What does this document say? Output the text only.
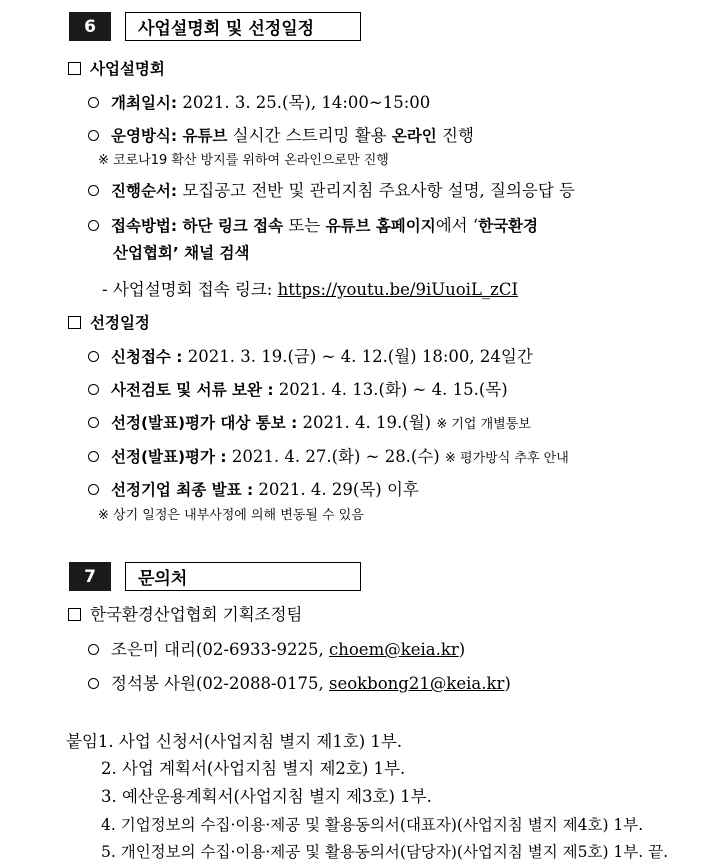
6	사업설명회 및 선정일정
사업설명회
개최일시: 2021. 3. 25.(목), 14:00~15:00
운영방식: 유튜브 실시간 스트리밍 활용 온라인 진행
※ 코로나19 확산 방지를 위하여 온라인으로만 진행
진행순서: 모집공고 전반 및 관리지침 주요사항 설명, 질의응답 등
접속방법: 하단 링크 접속 또는 유튜브 홈페이지에서 ‘한국환경
산업협회’ 채널 검색
- 사업설명회 접속 링크: https://youtu.be/9iUuoiL_zCI
선정일정
신청접수 : 2021. 3. 19.(금) ~ 4. 12.(월) 18:00, 24일간
사전검토 및 서류 보완 : 2021. 4. 13.(화) ~ 4. 15.(목)
선정(발표)평가 대상 통보 : 2021. 4. 19.(월) ※ 기업 개별통보
선정(발표)평가 : 2021. 4. 27.(화) ~ 28.(수) ※ 평가방식 추후 안내
선정기업 최종 발표 : 2021. 4. 29(목) 이후
※ 상기 일정은 내부사정에 의해 변동될 수 있음
7	문의처
한국환경산업협회 기획조정팀
조은미 대리(02-6933-9225, choem@keia.kr)
정석봉 사원(02-2088-0175, seokbong21@keia.kr)
붙임1. 사업 신청서(사업지침 별지 제1호) 1부.
2. 사업 계획서(사업지침 별지 제2호) 1부.
3. 예산운용계획서(사업지침 별지 제3호) 1부.
4. 기업정보의 수집·이용·제공 및 활용동의서(대표자)(사업지침 별지 제4호) 1부.
5. 개인정보의 수집·이용·제공 및 활용동의서(담당자)(사업지침 별지 제5호) 1부. 끝.
